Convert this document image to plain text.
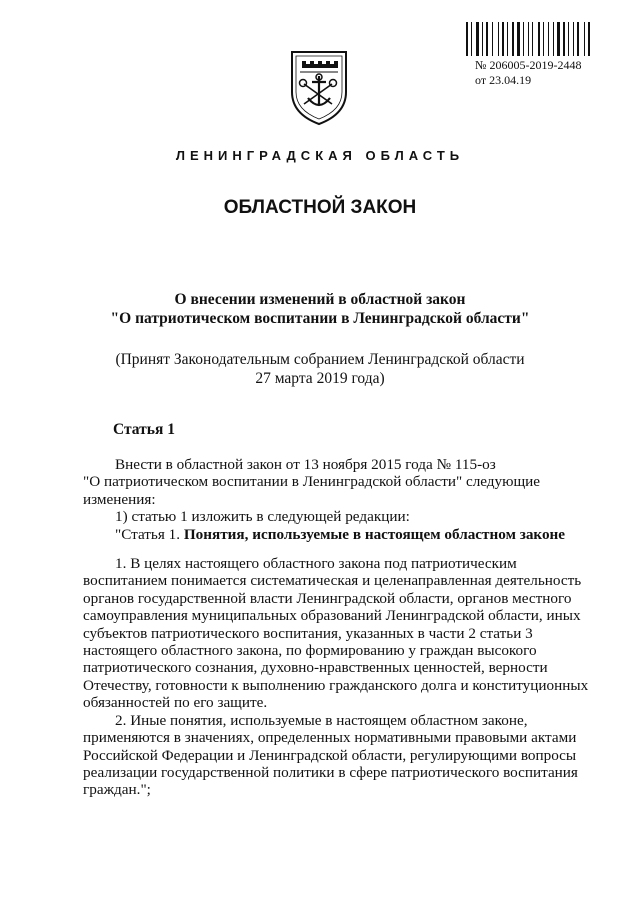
№ 206005-2019-2448
от 23.04.19
ЛЕНИНГРАДСКАЯ ОБЛАСТЬ
ОБЛАСТНОЙ ЗАКОН
О внесении изменений в областной закон
"О патриотическом воспитании в Ленинградской области"
(Принят Законодательным собранием Ленинградской области
27 марта 2019 года)
Статья 1

Внести в областной закон от 13 ноября 2015 года № 115-оз

"О патриотическом воспитании в Ленинградской области" следующие

изменения:

1) статью 1 изложить в следующей редакции:

"Статья 1. Понятия, используемые в настоящем областном законе

1. В целях настоящего областного закона под патриотическим

воспитанием понимается систематическая и целенаправленная деятельность

органов государственной власти Ленинградской области, органов местного

самоуправления муниципальных образований Ленинградской области, иных

субъектов патриотического воспитания, указанных в части 2 статьи 3

настоящего областного закона, по формированию у граждан высокого

патриотического сознания, духовно-нравственных ценностей, верности

Отечеству, готовности к выполнению гражданского долга и конституционных

обязанностей по его защите.

2. Иные понятия, используемые в настоящем областном законе,

применяются в значениях, определенных нормативными правовыми актами

Российской Федерации и Ленинградской области, регулирующими вопросы

реализации государственной политики в сфере патриотического воспитания

граждан.";
